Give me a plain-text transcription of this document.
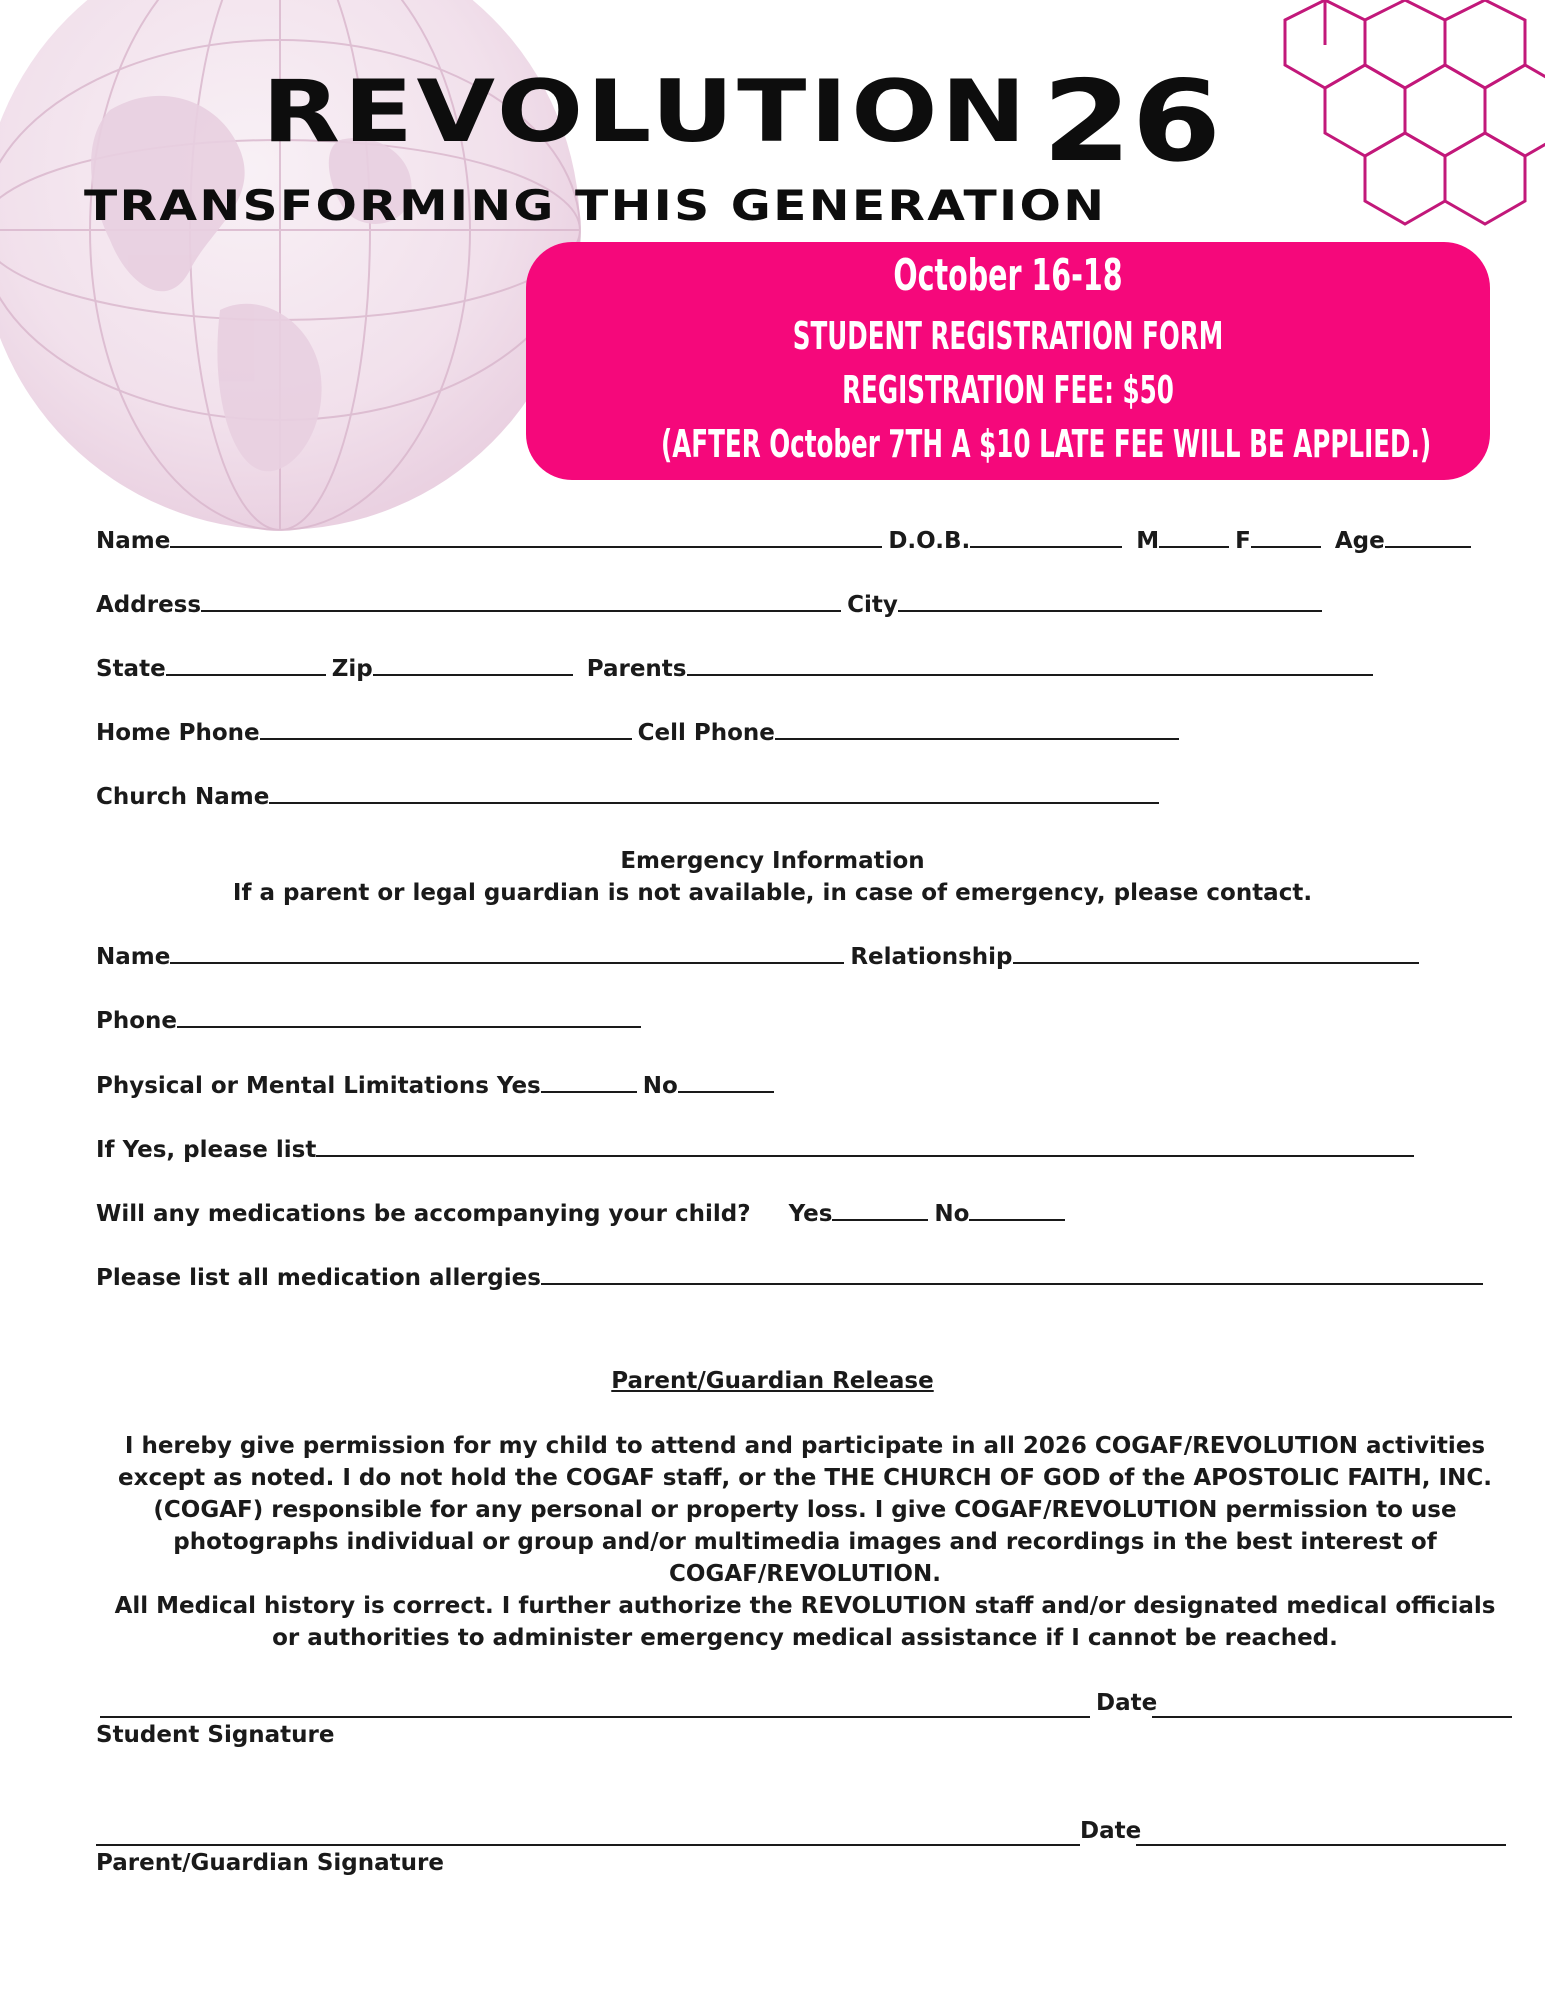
REVOLUTION 26
TRANSFORMING THIS GENERATION
October 16-18
STUDENT REGISTRATION FORM
REGISTRATION FEE: $50
(AFTER October 7TH A $10 LATE FEE WILL BE APPLIED.)
Name	D.O.B.	M	F	Age
Address	City
State	Zip	Parents
Home Phone	Cell Phone
Church Name
Emergency Information
If a parent or legal guardian is not available, in case of emergency, please contact.
Name	Relationship
Phone
Physical or Mental Limitations Yes	No
If Yes, please list
Will any medications be accompanying your child? Yes	No
Please list all medication allergies
Parent/Guardian Release

I hereby give permission for my child to attend and participate in all 2026 COGAF/REVOLUTION activities except as noted. I do not hold the COGAF staff, or the THE CHURCH OF GOD of the APOSTOLIC FAITH, INC. (COGAF) responsible for any personal or property loss. I give COGAF/REVOLUTION permission to use photographs individual or group and/or multimedia images and recordings in the best interest of COGAF/REVOLUTION.

All Medical history is correct. I further authorize the REVOLUTION staff and/or designated medical officials or authorities to administer emergency medical assistance if I cannot be reached.

Date
Student Signature
Date
Parent/Guardian Signature
